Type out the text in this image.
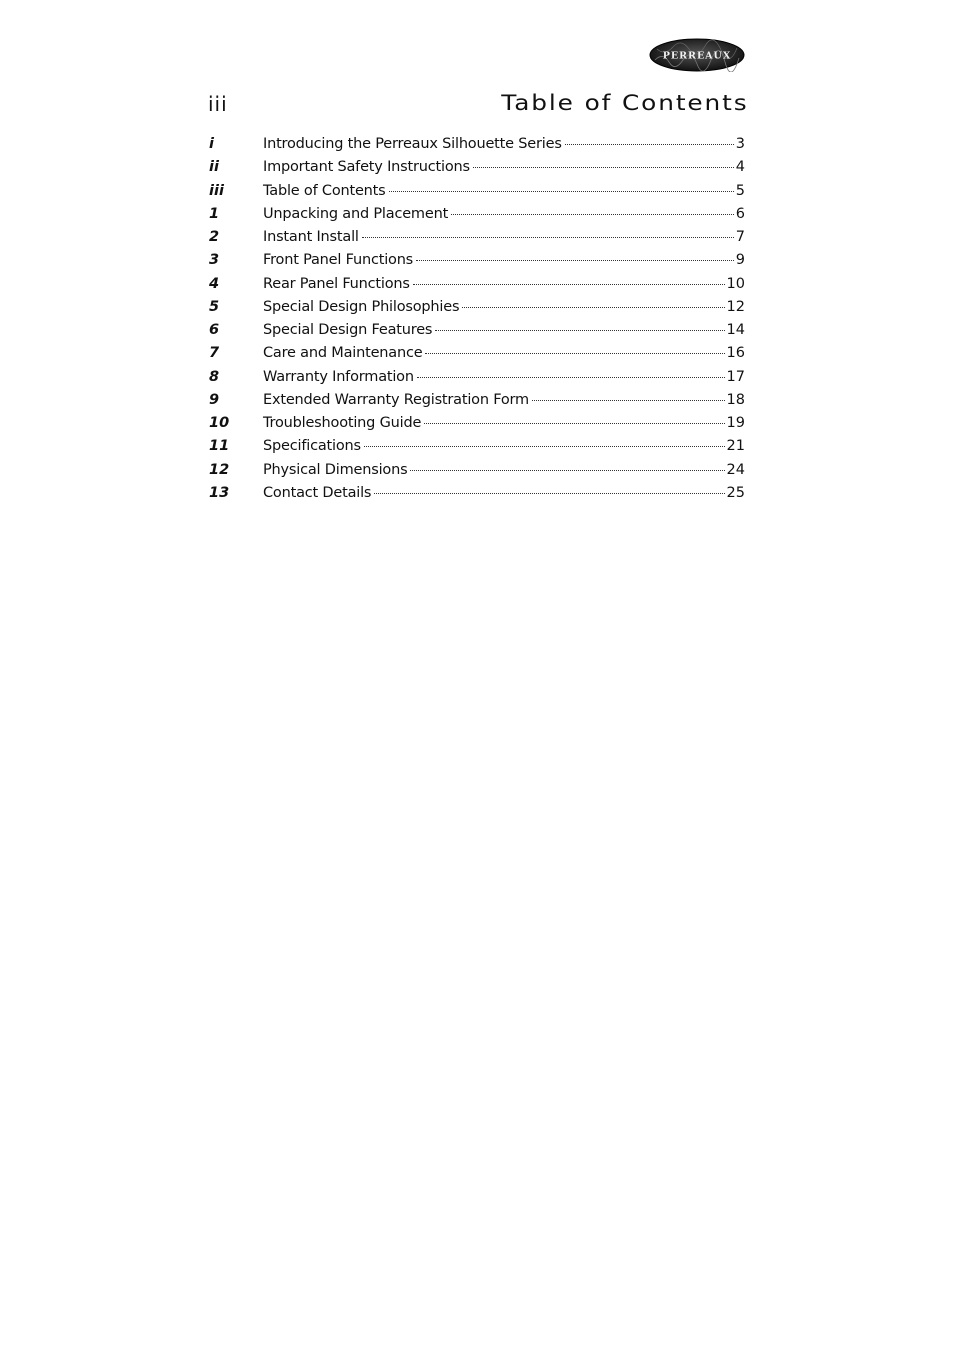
PERREAUX
iii	Table of Contents
i	Introducing the Perreaux Silhouette Series	3
ii	Important Safety Instructions	4
iii	Table of Contents	5
1	Unpacking and Placement	6
2	Instant Install	7
3	Front Panel Functions	9
4	Rear Panel Functions	10
5	Special Design Philosophies	12
6	Special Design Features	14
7	Care and Maintenance	16
8	Warranty Information	17
9	Extended Warranty Registration Form	18
10	Troubleshooting Guide	19
11	Specifications	21
12	Physical Dimensions	24
13	Contact Details	25
